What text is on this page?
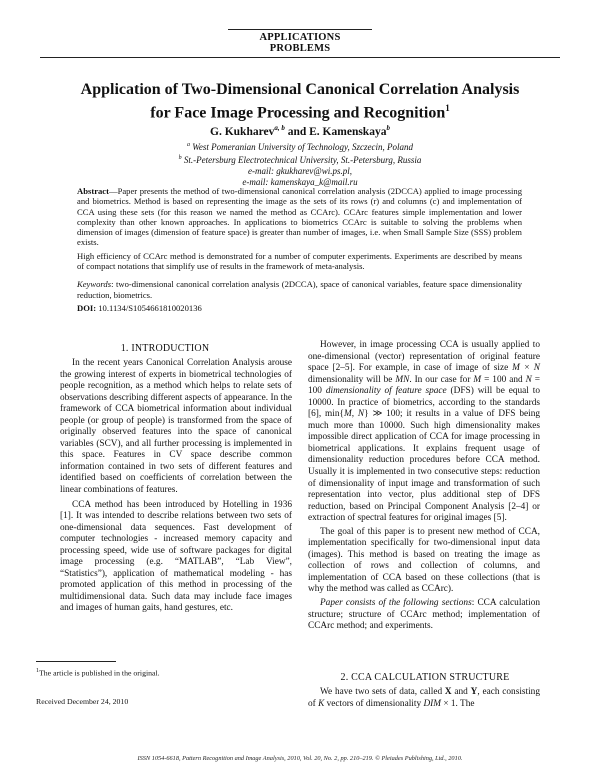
APPLICATIONS
PROBLEMS
Application of Two-Dimensional Canonical Correlation Analysis
for Face Image Processing and Recognition$^1$
G. Kukharev$^{a, b}$ and E. Kamenskaya$^b$
$^a$ West Pomeranian University of Technology, Szczecin, Poland
$^b$ St.-Petersburg Electrotechnical University, St.-Petersburg, Russia
e-mail: gkukharev@wi.ps.pl,
e-mail: kamenskaya_k@mail.ru
Abstract—Paper presents the method of two-dimensional canonical correlation analysis (2DCCA) applied to image processing and biometrics. Method is based on representing the image as the sets of its rows (r) and columns (c) and implementation of CCA using these sets (for this reason we named the method as CCArc). CCArc features simple implementation and lower complexity than other known approaches. In applications to biometrics CCArc is suitable to solving the problems when dimension of images (dimension of feature space) is greater than number of images, i.e. when Small Sample Size (SSS) problem exists.
High efficiency of CCArc method is demonstrated for a number of computer experiments. Experiments are described by means of compact notations that simplify use of results in the framework of meta-analysis.
Keywords: two-dimensional canonical correlation analysis (2DCCA), space of canonical variables, feature space dimensionality reduction, biometrics.
DOI: 10.1134/S1054661810020136
1. INTRODUCTION

In the recent years Canonical Correlation Analysis arouse the growing interest of experts in biometrical technologies of people recognition, as a method which helps to relate sets of observations describing different aspects of appearance. In the framework of CCA biometrical information about individual people (or group of people) is transformed from the space of originally observed features into the space of canonical variables (SCV), and all further processing is implemented in this space. Features in CV space describe common information contained in two sets of different features and identified based on coefficients of correlation between the linear combinations of features.

CCA method has been introduced by Hotelling in 1936 [1]. It was intended to describe relations between two sets of one-dimensional data sequences. Fast development of computer technologies - increased memory capacity and processing speed, wide use of software packages for digital image processing (e.g. “MATLAB”, “Lab View”, “Statistics”), application of mathematical modeling - has promoted application of this method in processing of the multidimensional data. Such data may include face images and images of human gaits, hand gestures, etc.

$^1$The article is published in the original.
Received December 24, 2010

However, in image processing CCA is usually applied to one-dimensional (vector) representation of original feature space [2–5]. For example, in case of image of size M × N dimensionality will be MN. In our case for M = 100 and N = 100 dimensionality of feature space (DFS) will be equal to 10000. In practice of biometrics, according to the standards [6], min{M, N} ≫ 100; it results in a value of DFS being much more than 10000. Such high dimensionality makes impossible direct application of CCA for image processing in biometrical applications. It explains frequent usage of dimensionality reduction procedures before CCA method. Usually it is implemented in two consecutive steps: reduction of dimensionality of input image and transformation of such representation into vector, plus additional step of DFS reduction, based on Principal Component Analysis [2–4] or extraction of spectral features for original images [5].

The goal of this paper is to present new method of CCA, implementation specifically for two-dimensional input data (images). This method is based on treating the image as collection of rows and collection of columns, and implementation of CCA based on these collections (that is why the method was called as CCArc).

Paper consists of the following sections: CCA calculation structure; structure of CCArc method; implementation of CCArc method; and experiments.

2. CCA CALCULATION STRUCTURE

We have two sets of data, called X and Y, each consisting of K vectors of dimensionality DIM × 1. The

ISSN 1054-6618, Pattern Recognition and Image Analysis, 2010, Vol. 20, No. 2, pp. 210–219. © Pleiades Publishing, Ltd., 2010.
